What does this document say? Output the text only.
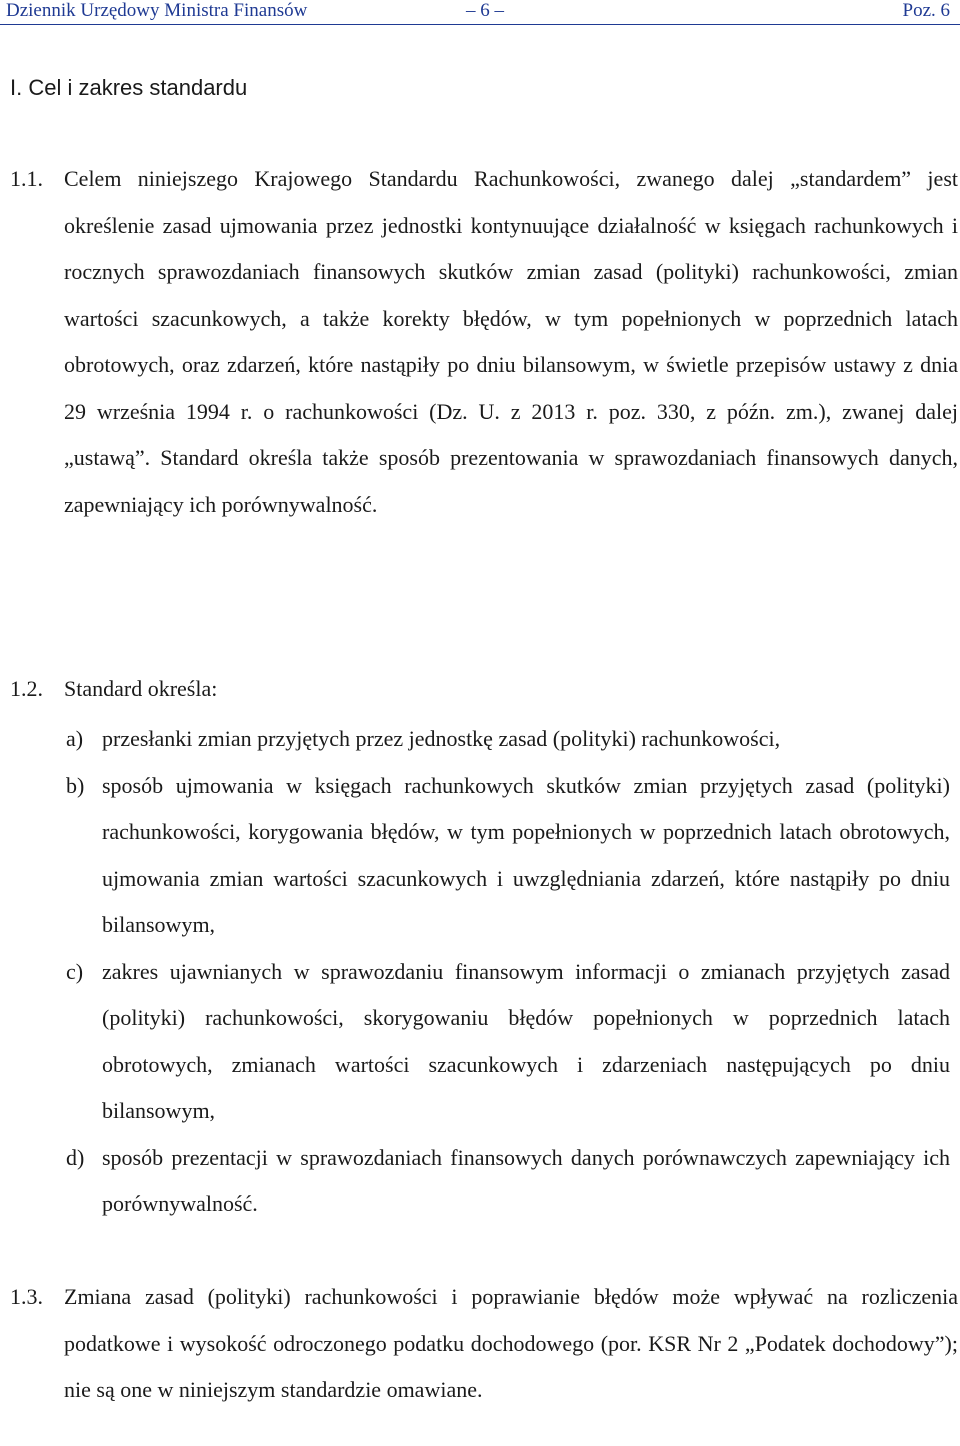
Dziennik Urzędowy Ministra Finansów	– 6 –	Poz. 6
I. Cel i zakres standardu
1.1. Celem niniejszego Krajowego Standardu Rachunkowości, zwanego dalej „standardem” jest określenie zasad ujmowania przez jednostki kontynuujące działalność w księgach rachunkowych i rocznych sprawozdaniach finansowych skutków zmian zasad (polityki) rachunkowości, zmian wartości szacunkowych, a także korekty błędów, w tym popełnionych w poprzednich latach obrotowych, oraz zdarzeń, które nastąpiły po dniu bilansowym, w świetle przepisów ustawy z dnia 29 września 1994 r. o rachunkowości (Dz. U. z 2013 r. poz. 330, z późn. zm.), zwanej dalej „ustawą”. Standard określa także sposób prezentowania w sprawozdaniach finansowych danych, zapewniający ich porównywalność.
1.2. Standard określa:
a) przesłanki zmian przyjętych przez jednostkę zasad (polityki) rachunkowości,
b) sposób ujmowania w księgach rachunkowych skutków zmian przyjętych zasad (polityki) rachunkowości, korygowania błędów, w tym popełnionych w poprzednich latach obrotowych, ujmowania zmian wartości szacunkowych i uwzględniania zdarzeń, które nastąpiły po dniu bilansowym,
c) zakres ujawnianych w sprawozdaniu finansowym informacji o zmianach przyjętych zasad (polityki) rachunkowości, skorygowaniu błędów popełnionych w poprzednich latach obrotowych, zmianach wartości szacunkowych i zdarzeniach następujących po dniu bilansowym,
d) sposób prezentacji w sprawozdaniach finansowych danych porównawczych zapewniający ich porównywalność.
1.3. Zmiana zasad (polityki) rachunkowości i poprawianie błędów może wpływać na rozliczenia podatkowe i wysokość odroczonego podatku dochodowego (por. KSR Nr 2 „Podatek dochodowy”); nie są one w niniejszym standardzie omawiane.
